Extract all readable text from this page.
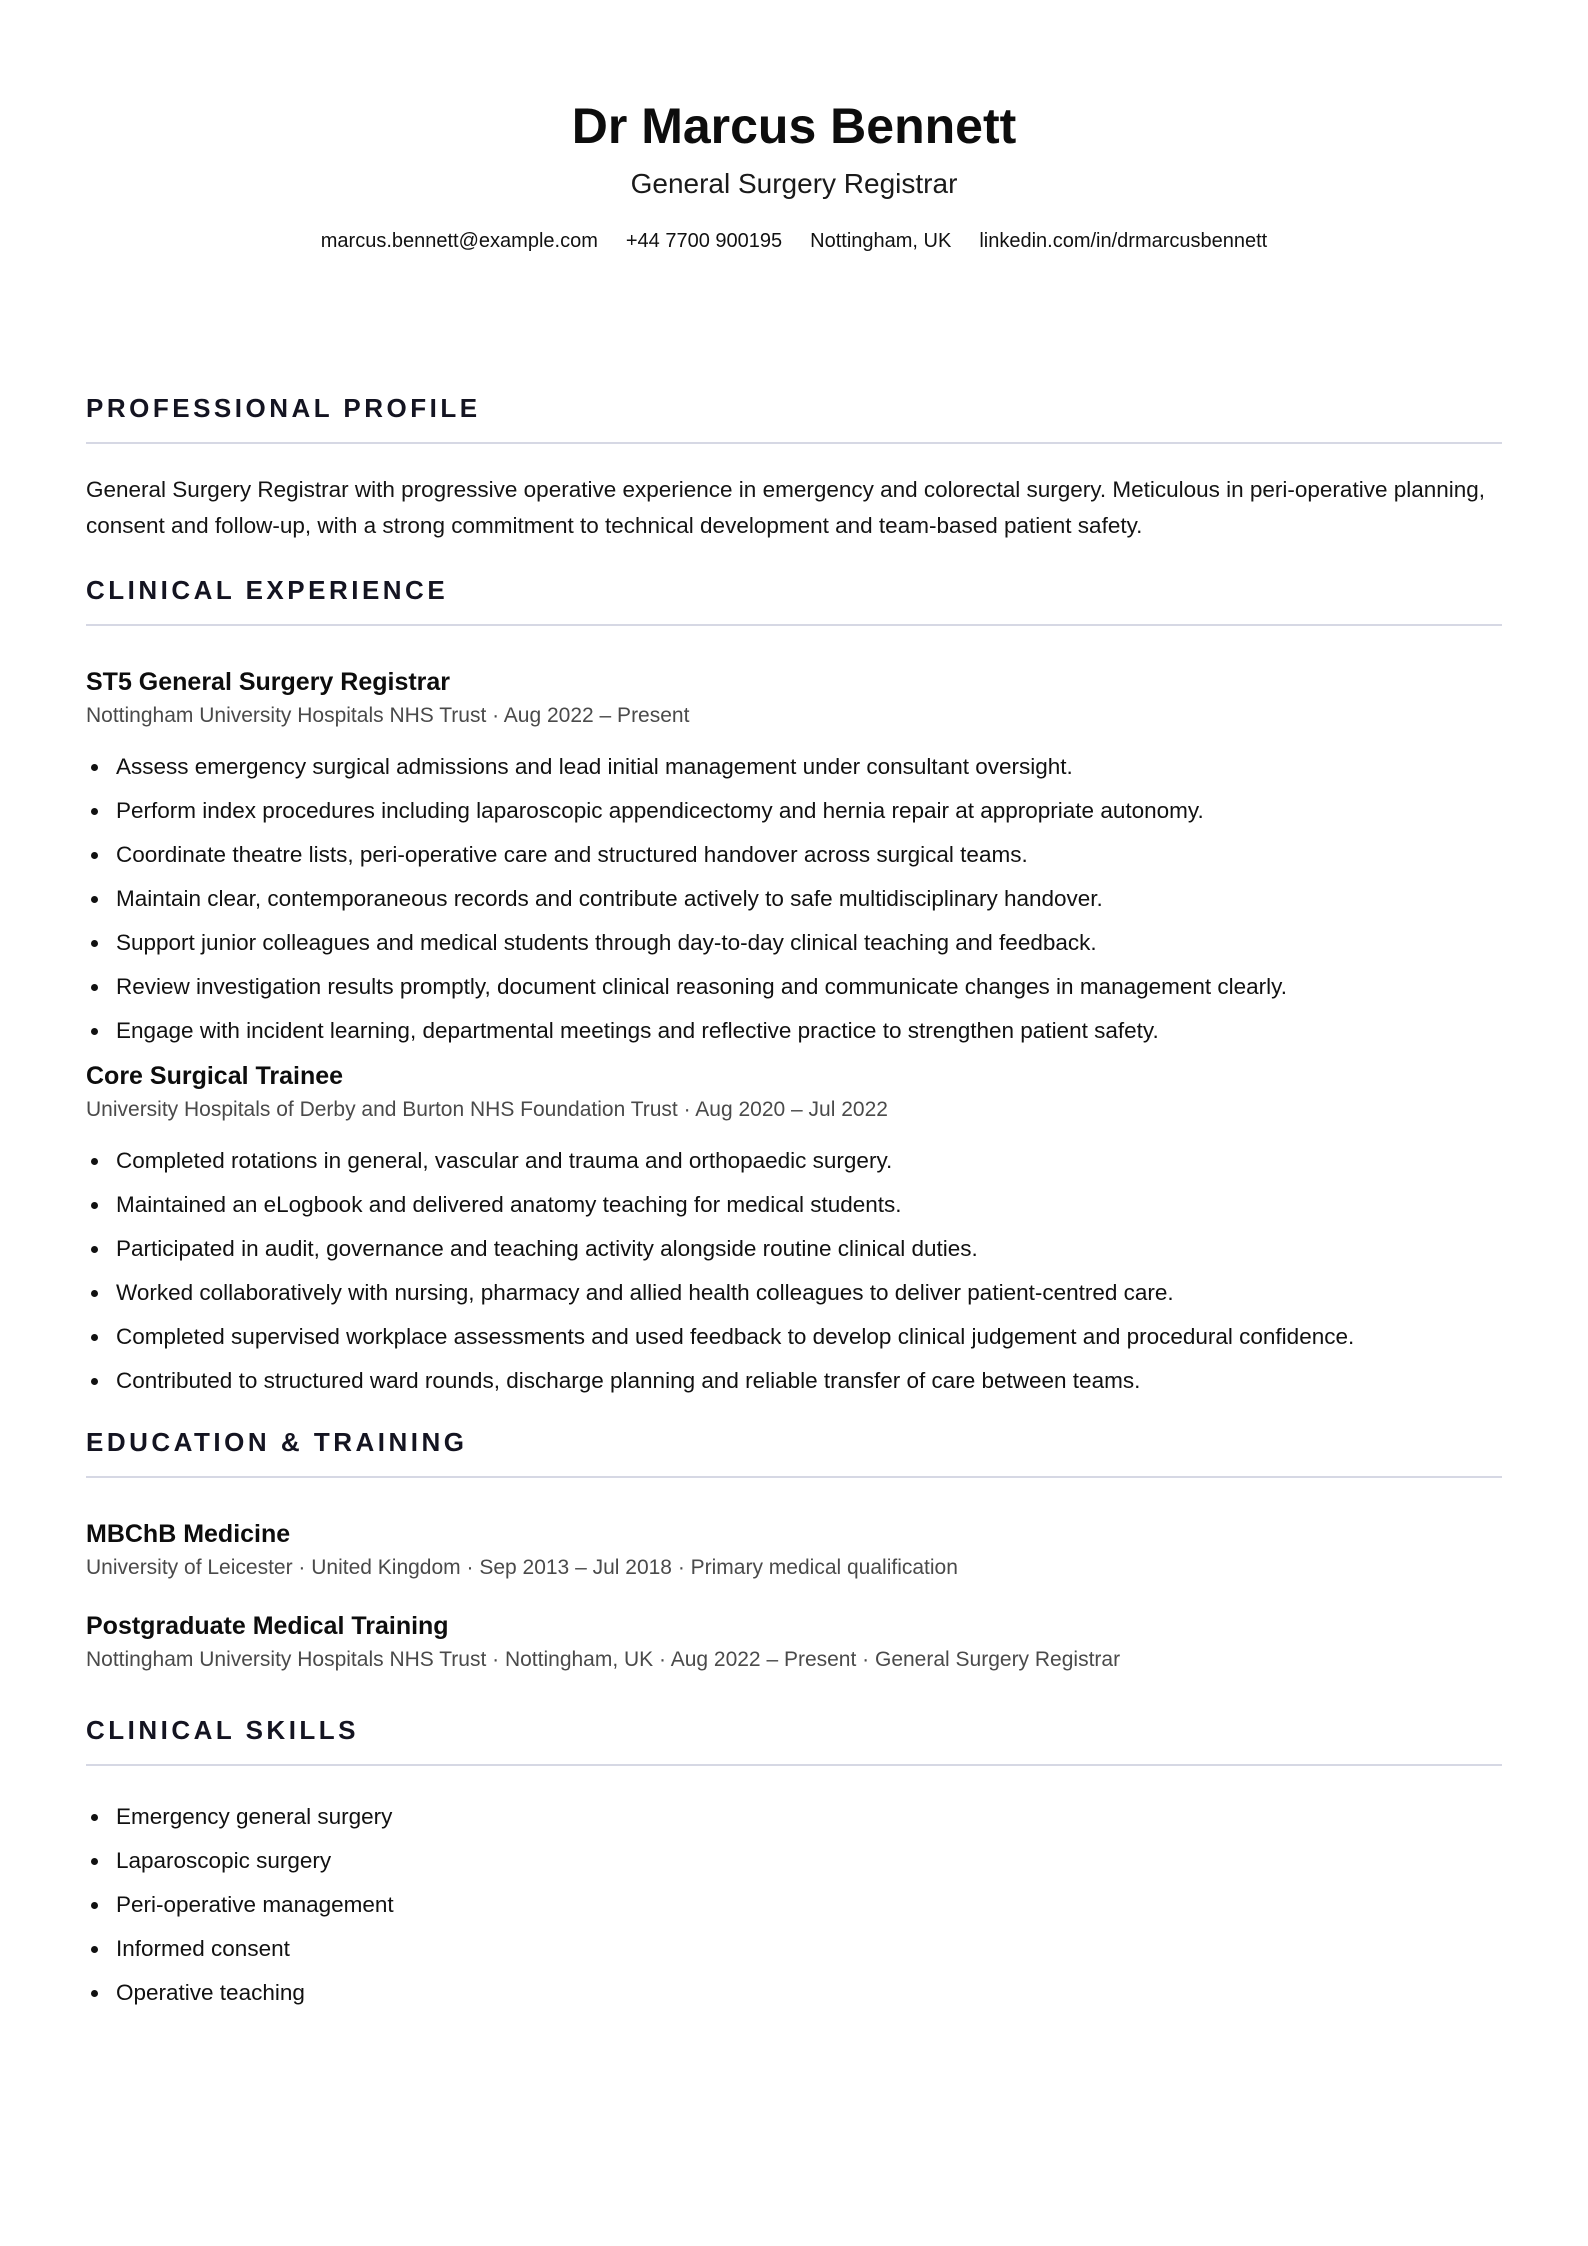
Dr Marcus Bennett

General Surgery Registrar

marcus.bennett@example.com +44 7700 900195 Nottingham, UK linkedin.com/in/drmarcusbennett
PROFESSIONAL PROFILE

General Surgery Registrar with progressive operative experience in emergency and colorectal surgery. Meticulous in peri-operative planning, consent and follow-up, with a strong commitment to technical development and team-based patient safety.

CLINICAL EXPERIENCE
ST5 General Surgery Registrar

Nottingham University Hospitals NHS Trust · Aug 2022 – Present

Assess emergency surgical admissions and lead initial management under consultant oversight.
Perform index procedures including laparoscopic appendicectomy and hernia repair at appropriate autonomy.
Coordinate theatre lists, peri-operative care and structured handover across surgical teams.
Maintain clear, contemporaneous records and contribute actively to safe multidisciplinary handover.
Support junior colleagues and medical students through day-to-day clinical teaching and feedback.
Review investigation results promptly, document clinical reasoning and communicate changes in management clearly.
Engage with incident learning, departmental meetings and reflective practice to strengthen patient safety.
Core Surgical Trainee

University Hospitals of Derby and Burton NHS Foundation Trust · Aug 2020 – Jul 2022

Completed rotations in general, vascular and trauma and orthopaedic surgery.
Maintained an eLogbook and delivered anatomy teaching for medical students.
Participated in audit, governance and teaching activity alongside routine clinical duties.
Worked collaboratively with nursing, pharmacy and allied health colleagues to deliver patient-centred care.
Completed supervised workplace assessments and used feedback to develop clinical judgement and procedural confidence.
Contributed to structured ward rounds, discharge planning and reliable transfer of care between teams.
EDUCATION & TRAINING
MBChB Medicine

University of Leicester · United Kingdom · Sep 2013 – Jul 2018 · Primary medical qualification

Postgraduate Medical Training

Nottingham University Hospitals NHS Trust · Nottingham, UK · Aug 2022 – Present · General Surgery Registrar

CLINICAL SKILLS
Emergency general surgery
Laparoscopic surgery
Peri-operative management
Informed consent
Operative teaching
